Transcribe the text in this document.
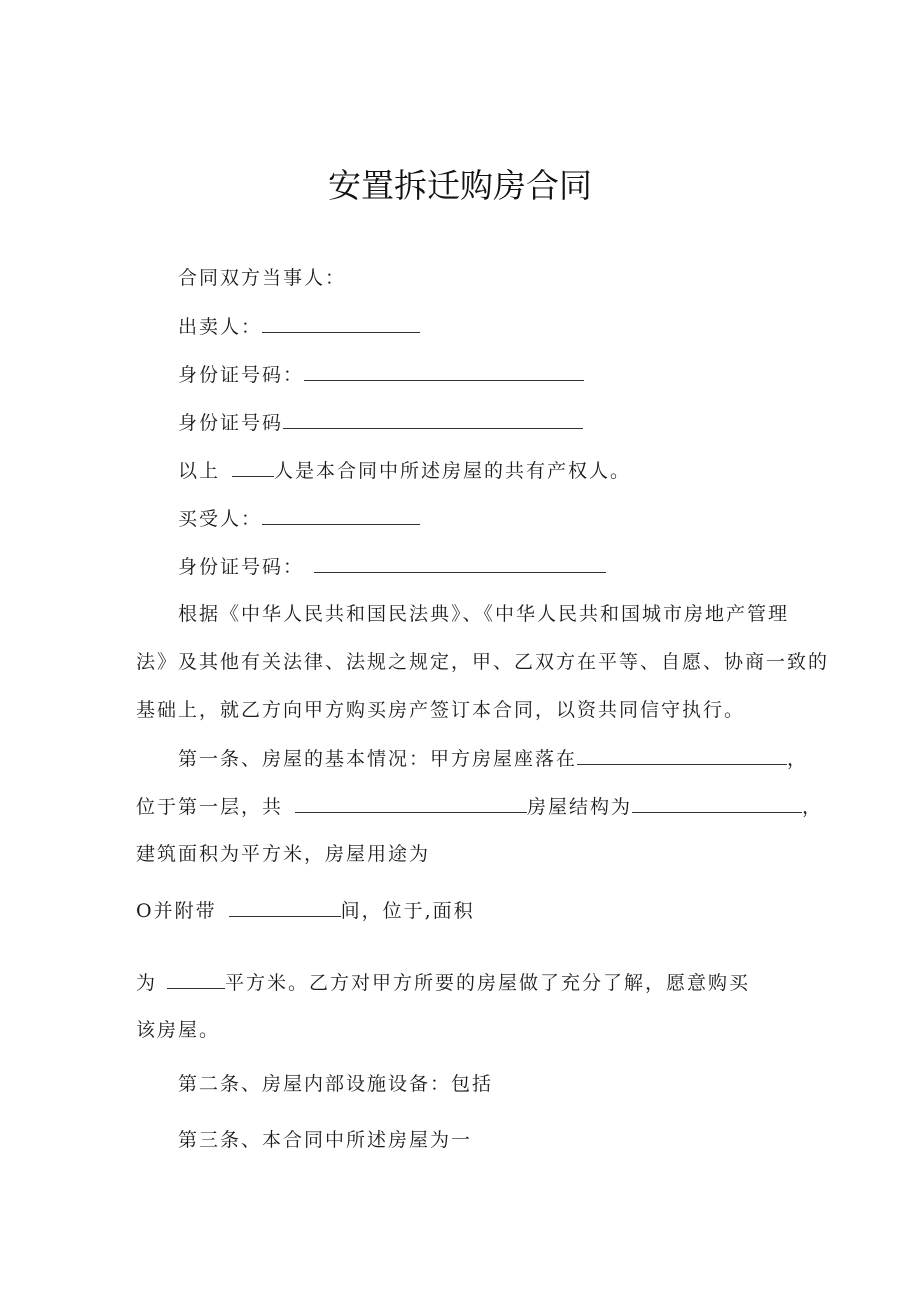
安置拆迁购房合同
合同双方当事人：
出卖人：
身份证号码：
身份证号码
以上	人是本合同中所述房屋的共有产权人。
买受人：
身份证号码：
根据《中华人民共和国民法典》、《中华人民共和国城市房地产管理
法》及其他有关法律、法规之规定，甲、乙双方在平等、自愿、协商一致的
基础上，就乙方向甲方购买房产签订本合同，以资共同信守执行。
第一条、房屋的基本情况：甲方房屋座落在	，
位于第一层，共	房屋结构为	，
建筑面积为平方米，房屋用途为
O并附带	间，位于,面积
为	平方米。乙方对甲方所要的房屋做了充分了解，愿意购买
该房屋。
第二条、房屋内部设施设备：包括
第三条、本合同中所述房屋为一
